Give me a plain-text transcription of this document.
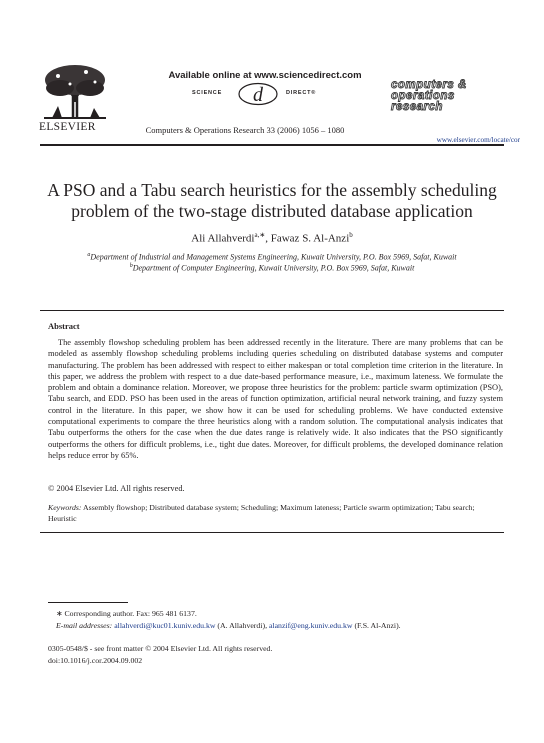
ELSEVIER
Available online at www.sciencedirect.com
SCIENCE d	DIRECT®
Computers & Operations Research 33 (2006) 1056 – 1080
computers &
operations
research
www.elsevier.com/locate/cor
A PSO and a Tabu search heuristics for the assembly scheduling problem of the two-stage distributed database application
Ali Allahverdi$^{a,∗}$, Fawaz S. Al-Anzi$^b$
$^a$Department of Industrial and Management Systems Engineering, Kuwait University, P.O. Box 5969, Safat, Kuwait
$^b$Department of Computer Engineering, Kuwait University, P.O. Box 5969, Safat, Kuwait
Abstract
The assembly flowshop scheduling problem has been addressed recently in the literature. There are many problems that can be modeled as assembly flowshop scheduling problems including queries scheduling on distributed database systems and computer manufacturing. The problem has been addressed with respect to either makespan or total completion time criterion in the literature. In this paper, we address the problem with respect to a due date-based performance measure, i.e., maximum lateness. We formulate the problem and obtain a dominance relation. Moreover, we propose three heuristics for the problem: particle swarm optimization (PSO), Tabu search, and EDD. PSO has been used in the areas of function optimization, artificial neural network training, and fuzzy system control in the literature. In this paper, we show how it can be used for scheduling problems. We have conducted extensive computational experiments to compare the three heuristics along with a random solution. The computational analysis indicates that Tabu outperforms the others for the case when the due dates range is relatively wide. It also indicates that the PSO significantly outperforms the others for difficult problems, i.e., tight due dates. Moreover, for difficult problems, the developed dominance relation helps reduce error by 65%.
© 2004 Elsevier Ltd. All rights reserved.
Keywords: Assembly flowshop; Distributed database system; Scheduling; Maximum lateness; Particle swarm optimization; Tabu search; Heuristic
∗ Corresponding author. Fax: 965 481 6137.
E-mail addresses: allahverdi@kuc01.kuniv.edu.kw (A. Allahverdi), alanzif@eng.kuniv.edu.kw (F.S. Al-Anzi).
0305-0548/$ - see front matter © 2004 Elsevier Ltd. All rights reserved.
doi:10.1016/j.cor.2004.09.002
